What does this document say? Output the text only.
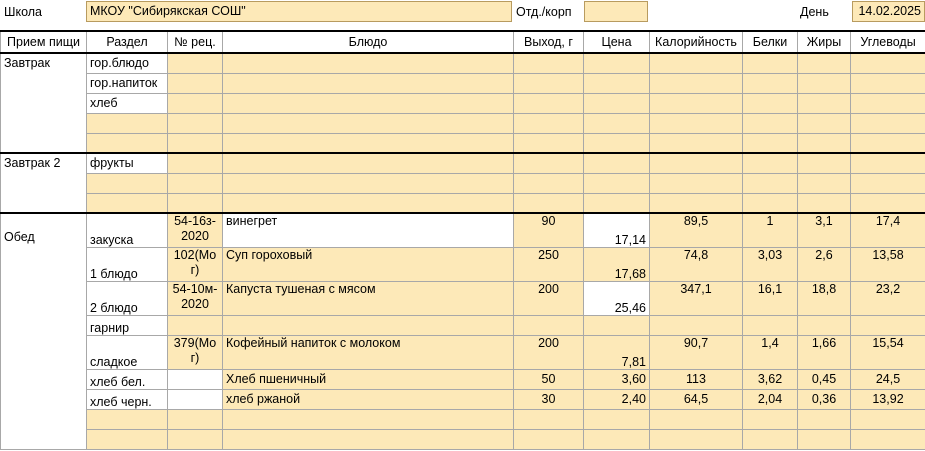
Школа	МКОУ "Сибирякская СОШ"	Отд./корп	День	14.02.2025
Прием пищи	Раздел	№ рец.	Блюдо	Выход, г	Цена	Калорийность	Белки	Жиры	Углеводы
Завтрак	гор.блюдо								
	гор.напиток								
	хлеб								

Завтрак 2	фрукты								

Обед	закуска	54-16з-2020	винегрет	90	17,14	89,5	1	3,1	17,4
	1 блюдо	102(Мог)	Суп гороховый	250	17,68	74,8	3,03	2,6	13,58
	2 блюдо	54-10м-2020	Капуста тушеная с мясом	200	25,46	347,1	16,1	18,8	23,2
	гарнир								
	сладкое	379(Мог)	Кофейный напиток с молоком	200	7,81	90,7	1,4	1,66	15,54
	хлеб бел.		Хлеб пшеничный	50	3,60	113	3,62	0,45	24,5
	хлеб черн.		хлеб ржаной	30	2,40	64,5	2,04	0,36	13,92
